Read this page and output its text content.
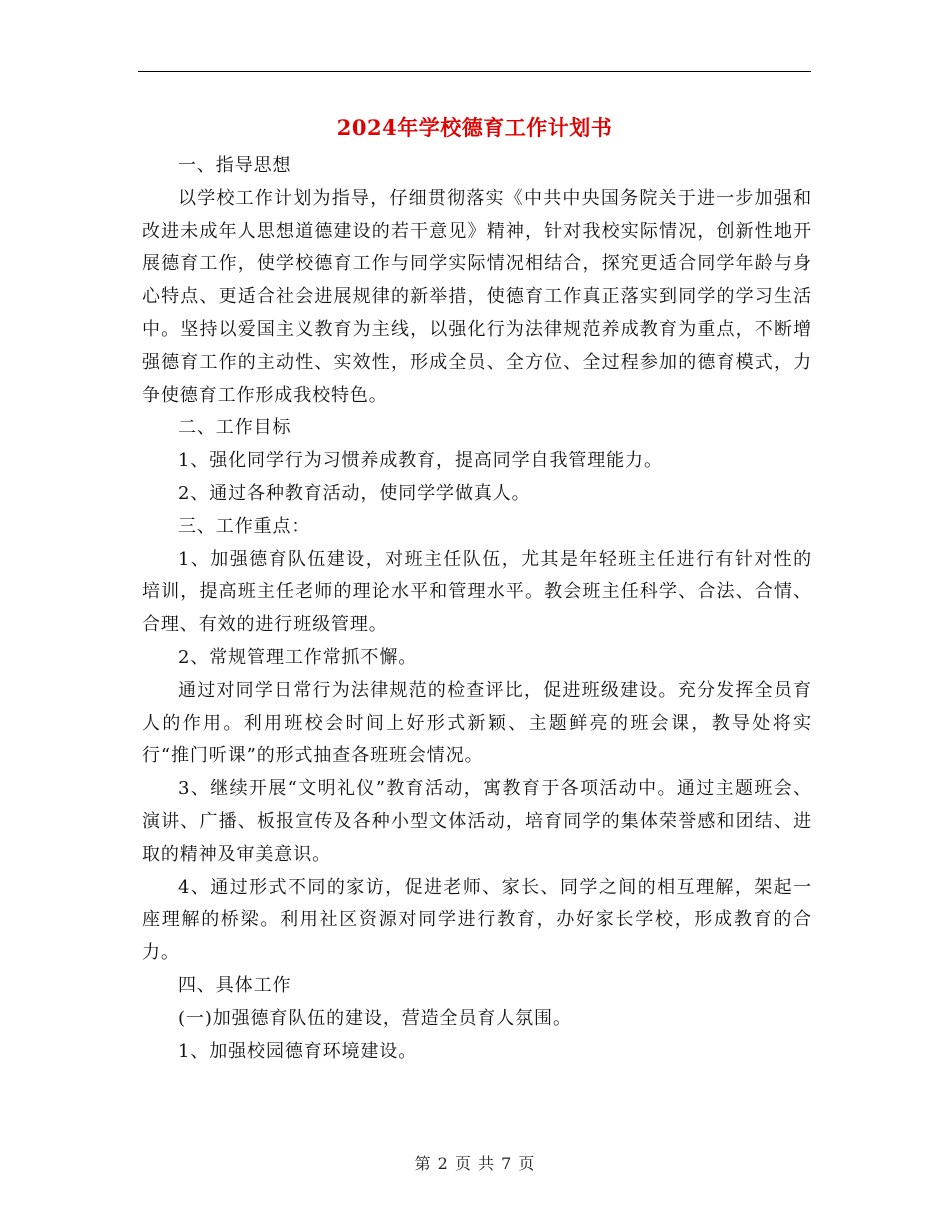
2024年学校德育工作计划书

一、指导思想

以学校工作计划为指导，仔细贯彻落实《中共中央国务院关于进一步加强和改进未成年人思想道德建设的若干意见》精神，针对我校实际情况，创新性地开展德育工作，使学校德育工作与同学实际情况相结合，探究更适合同学年龄与身心特点、更适合社会进展规律的新举措，使德育工作真正落实到同学的学习生活中。坚持以爱国主义教育为主线，以强化行为法律规范养成教育为重点，不断增强德育工作的主动性、实效性，形成全员、全方位、全过程参加的德育模式，力争使德育工作形成我校特色。

二、工作目标

1、强化同学行为习惯养成教育，提高同学自我管理能力。

2、通过各种教育活动，使同学学做真人。

三、工作重点：

1、加强德育队伍建设，对班主任队伍，尤其是年轻班主任进行有针对性的培训，提高班主任老师的理论水平和管理水平。教会班主任科学、合法、合情、合理、有效的进行班级管理。

2、常规管理工作常抓不懈。

通过对同学日常行为法律规范的检查评比，促进班级建设。充分发挥全员育人的作用。利用班校会时间上好形式新颖、主题鲜亮的班会课，教导处将实行“推门听课”的形式抽查各班班会情况。

3、继续开展“文明礼仪”教育活动，寓教育于各项活动中。通过主题班会、演讲、广播、板报宣传及各种小型文体活动，培育同学的集体荣誉感和团结、进取的精神及审美意识。

4、通过形式不同的家访，促进老师、家长、同学之间的相互理解，架起一座理解的桥梁。利用社区资源对同学进行教育，办好家长学校，形成教育的合力。

四、具体工作

(一)加强德育队伍的建设，营造全员育人氛围。

1、加强校园德育环境建设。

第 2 页 共 7 页
